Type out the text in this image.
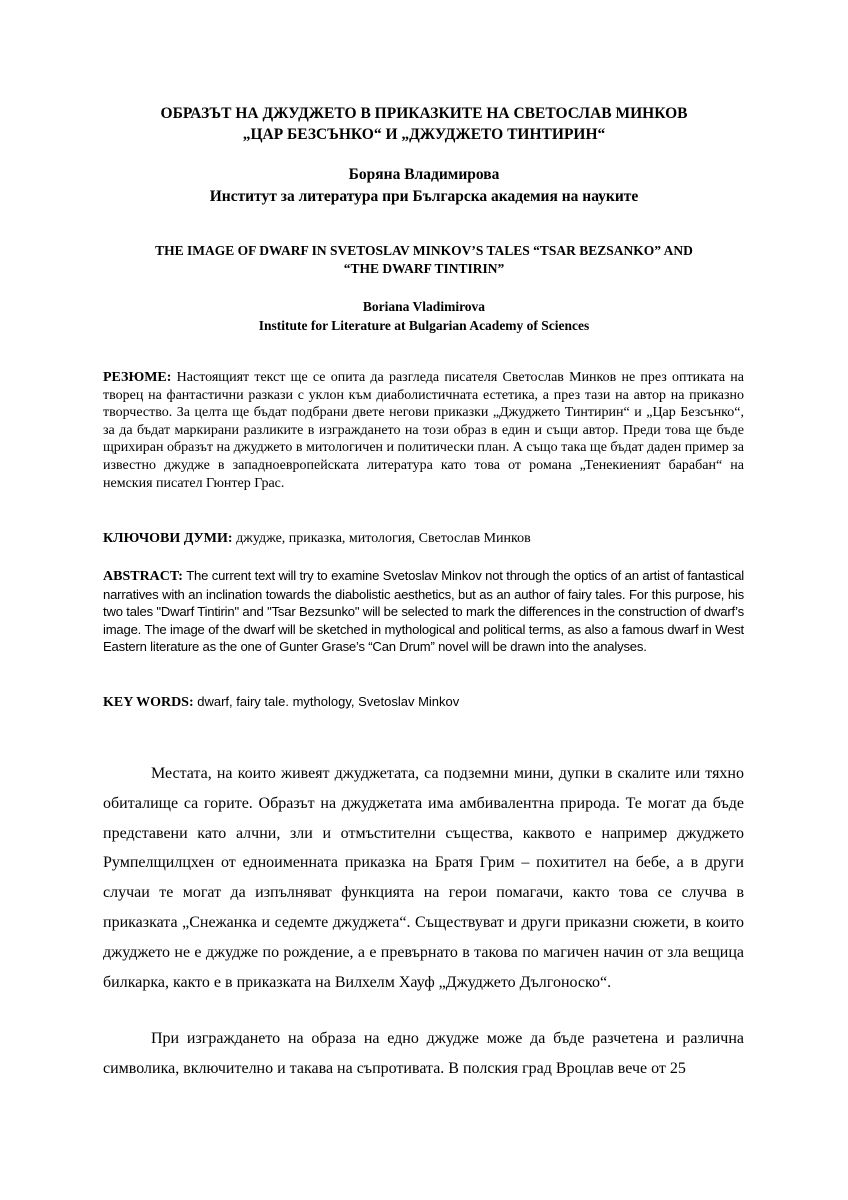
ОБРАЗЪТ НА ДЖУДЖЕТО В ПРИКАЗКИТЕ НА СВЕТОСЛАВ МИНКОВ
„ЦАР БЕЗСЪНКО“ И „ДЖУДЖЕТО ТИНТИРИН“
Боряна Владимирова
Институт за литература при Българска академия на науките
THE IMAGE OF DWARF IN SVETOSLAV MINKOV’S TALES “TSAR BEZSANKO” AND
“THE DWARF TINTIRIN”
Boriana Vladimirova
Institute for Literature at Bulgarian Academy of Sciences

РЕЗЮМЕ: Настоящият текст ще се опита да разгледа писателя Светослав Минков не през оптиката на творец на фантастични разкази с уклон към диаболистичната естетика, а през тази на автор на приказно творчество. За целта ще бъдат подбрани двете негови приказки „Джуджето Тинтирин“ и „Цар Безсънко“, за да бъдат маркирани разликите в изграждането на този образ в един и същи автор. Преди това ще бъде щрихиран образът на джуджето в митологичен и политически план. А също така ще бъдат даден пример за известно джудже в западноевропейската литература като това от романа „Тенекиеният барабан“ на немския писател Гюнтер Грас.

КЛЮЧОВИ ДУМИ: джудже, приказка, митология, Светослав Минков

ABSTRACT: The current text will try to examine Svetoslav Minkov not through the optics of an artist of fantastical narratives with an inclination towards the diabolistic aesthetics, but as an author of fairy tales. For this purpose, his two tales "Dwarf Tintirin" and "Tsar Bezsunko" will be selected to mark the differences in the construction of dwarf’s image. The image of the dwarf will be sketched in mythological and political terms, as also a famous dwarf in West Eastern literature as the one of Gunter Grase’s “Can Drum” novel will be drawn into the analyses.

KEY WORDS: dwarf, fairy tale. mythology, Svetoslav Minkov

Местата, на които живеят джуджетата, са подземни мини, дупки в скалите или тяхно обиталище са горите. Образът на джуджетата има амбивалентна природа. Те могат да бъде представени като алчни, зли и отмъстителни същества, каквото е например джуджето Румпелщилцхен от едноименната приказка на Братя Грим – похитител на бебе, а в други случаи те могат да изпълняват функцията на герои помагачи, както това се случва в приказката „Снежанка и седемте джуджета“. Съществуват и други приказни сюжети, в които джуджето не е джудже по рождение, а е превърнато в такова по магичен начин от зла вещица билкарка, както е в приказката на Вилхелм Хауф „Джуджето Дългоноско“.

При изграждането на образа на едно джудже може да бъде разчетена и различна символика, включително и такава на съпротивата. В полския град Вроцлав вече от 25
